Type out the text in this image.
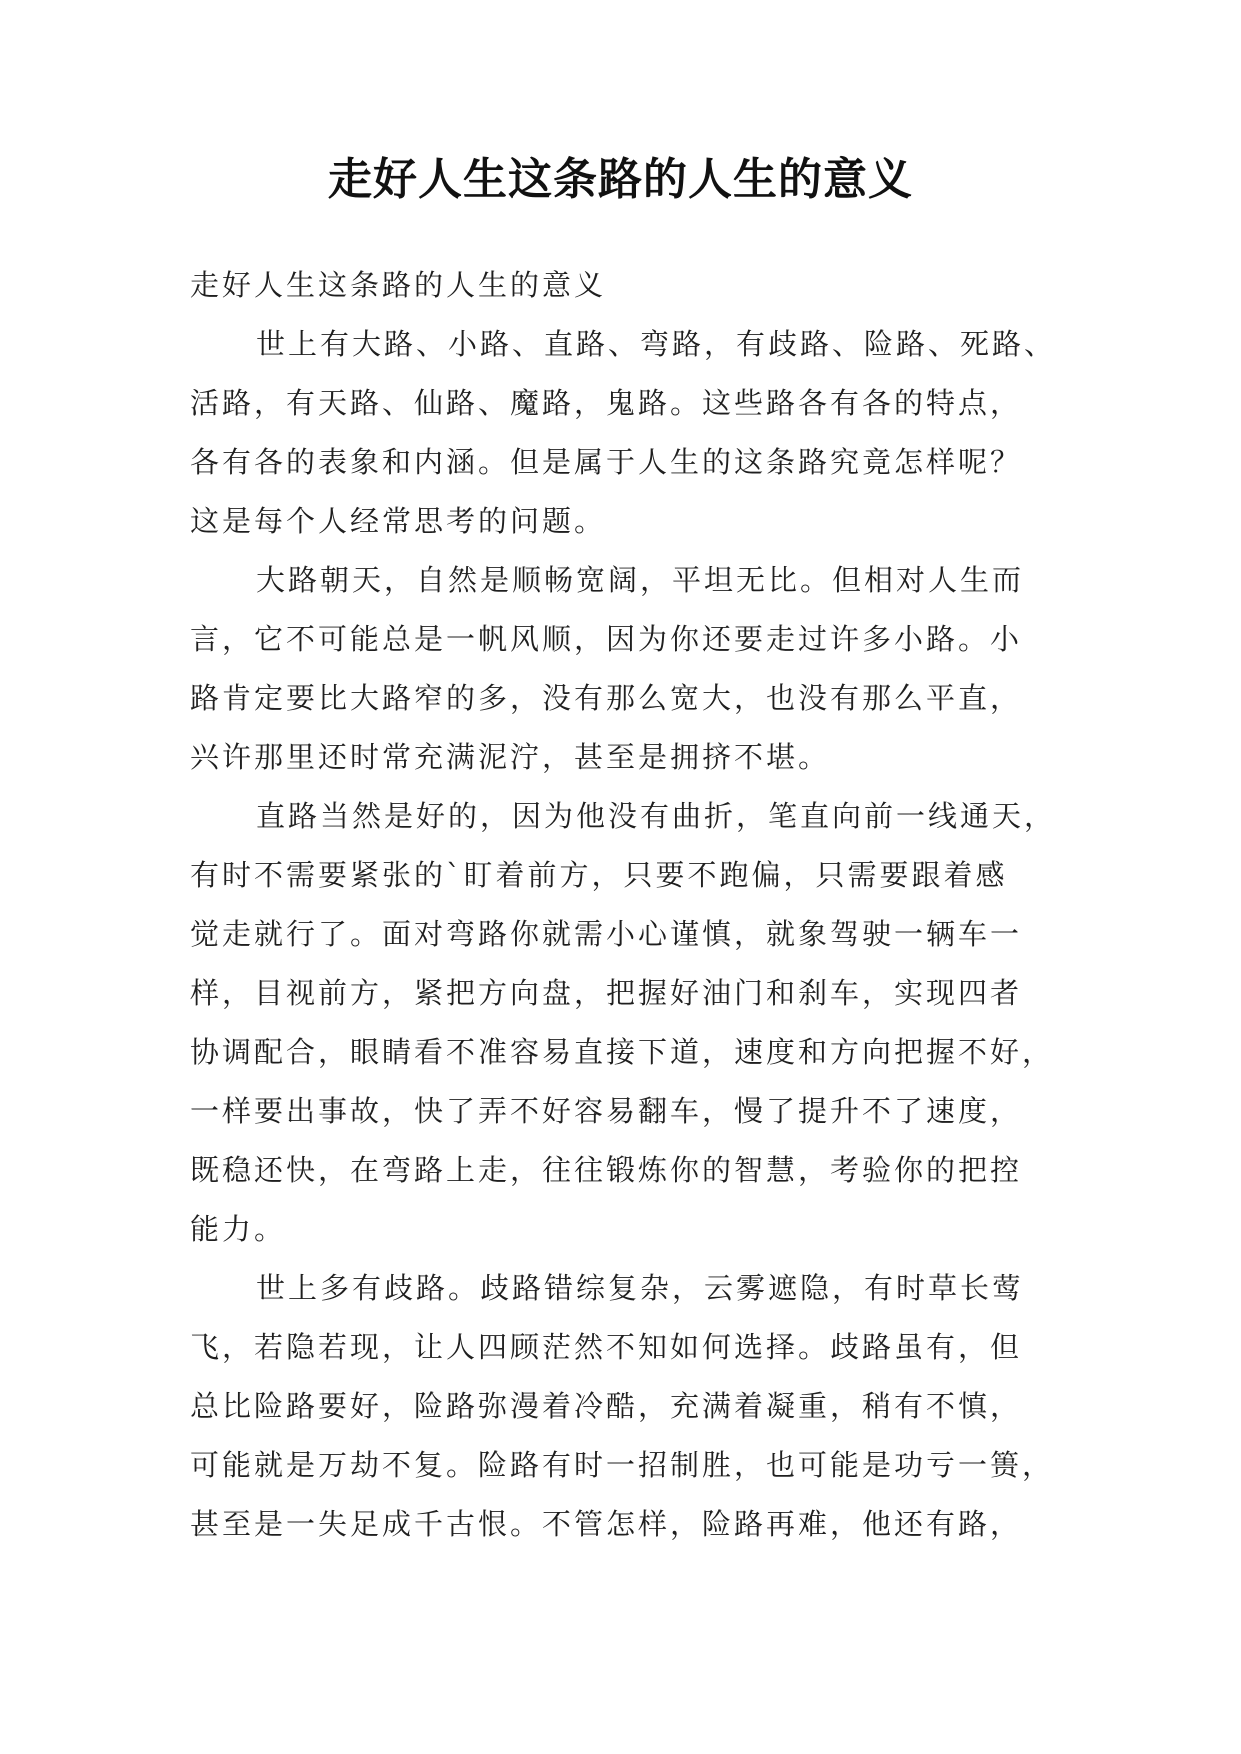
走好人生这条路的人生的意义
走好人生这条路的人生的意义
世上有大路、小路、直路、弯路，有歧路、险路、死路、
活路，有天路、仙路、魔路，鬼路。这些路各有各的特点，
各有各的表象和内涵。但是属于人生的这条路究竟怎样呢？
这是每个人经常思考的问题。
大路朝天，自然是顺畅宽阔，平坦无比。但相对人生而
言，它不可能总是一帆风顺，因为你还要走过许多小路。小
路肯定要比大路窄的多，没有那么宽大，也没有那么平直，
兴许那里还时常充满泥泞，甚至是拥挤不堪。
直路当然是好的，因为他没有曲折，笔直向前一线通天，
有时不需要紧张的`盯着前方，只要不跑偏，只需要跟着感
觉走就行了。面对弯路你就需小心谨慎，就象驾驶一辆车一
样，目视前方，紧把方向盘，把握好油门和刹车，实现四者
协调配合，眼睛看不准容易直接下道，速度和方向把握不好，
一样要出事故，快了弄不好容易翻车，慢了提升不了速度，
既稳还快，在弯路上走，往往锻炼你的智慧，考验你的把控
能力。
世上多有歧路。歧路错综复杂，云雾遮隐，有时草长莺
飞，若隐若现，让人四顾茫然不知如何选择。歧路虽有，但
总比险路要好，险路弥漫着冷酷，充满着凝重，稍有不慎，
可能就是万劫不复。险路有时一招制胜，也可能是功亏一篑，
甚至是一失足成千古恨。不管怎样，险路再难，他还有路，
